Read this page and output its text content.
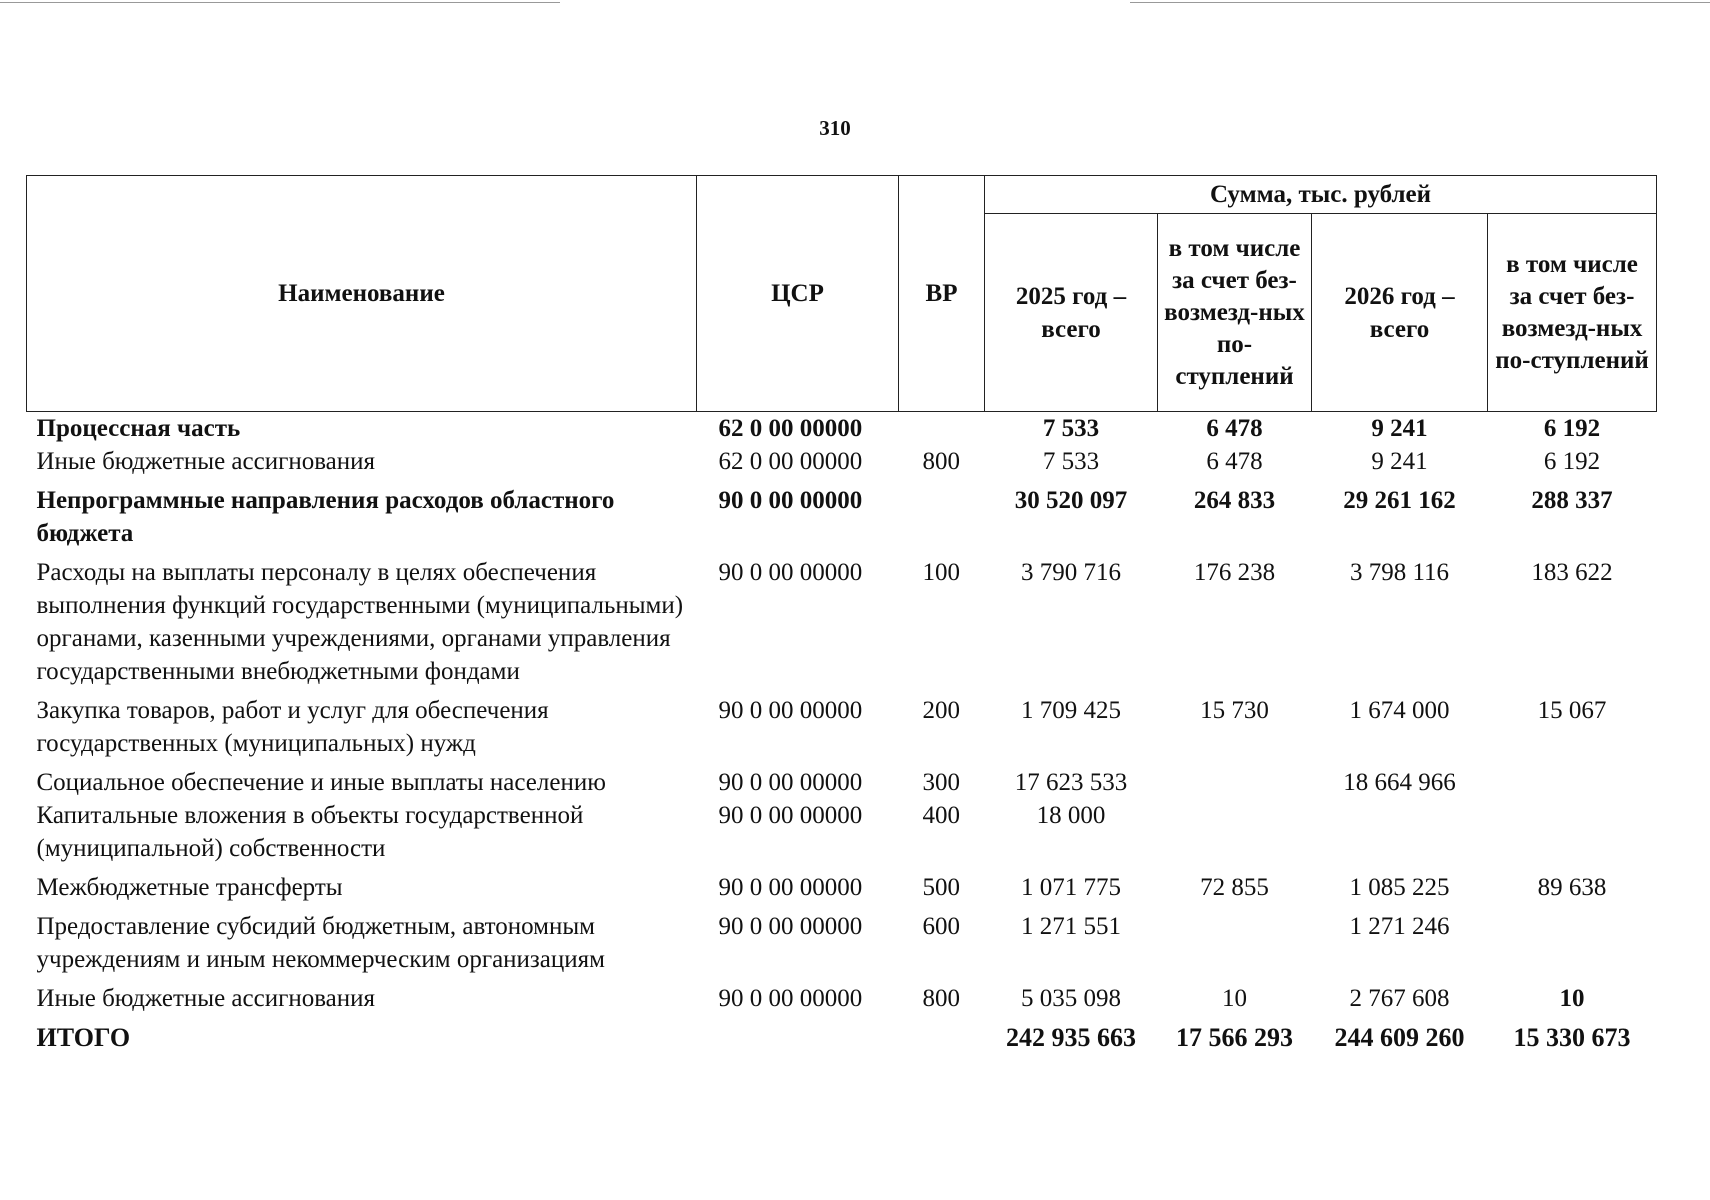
310
Наименование	ЦСР	ВР	Сумма, тыс. рублей			
			2025 год – всего	в том числе за счет без-возмезд-ных по-ступлений	2026 год – всего	в том числе за счет без-возмезд-ных по-ступлений
Процессная часть	62 0 00 00000		7 533	6 478	9 241	6 192
Иные бюджетные ассигнования	62 0 00 00000	800	7 533	6 478	9 241	6 192
Непрограммные направления расходов областного бюджета	90 0 00 00000		30 520 097	264 833	29 261 162	288 337
Расходы на выплаты персоналу в целях обеспечения выполнения функций государственными (муниципальными) органами, казенными учреждениями, органами управления государственными внебюджетными фондами	90 0 00 00000	100	3 790 716	176 238	3 798 116	183 622
Закупка товаров, работ и услуг для обеспечения государственных (муниципальных) нужд	90 0 00 00000	200	1 709 425	15 730	1 674 000	15 067
Социальное обеспечение и иные выплаты населению	90 0 00 00000	300	17 623 533		18 664 966	
Капитальные вложения в объекты государственной (муниципальной) собственности	90 0 00 00000	400	18 000			
Межбюджетные трансферты	90 0 00 00000	500	1 071 775	72 855	1 085 225	89 638
Предоставление субсидий бюджетным, автономным учреждениям и иным некоммерческим организациям	90 0 00 00000	600	1 271 551		1 271 246	
Иные бюджетные ассигнования	90 0 00 00000	800	5 035 098	10	2 767 608	10
ИТОГО			242 935 663	17 566 293	244 609 260	15 330 673
